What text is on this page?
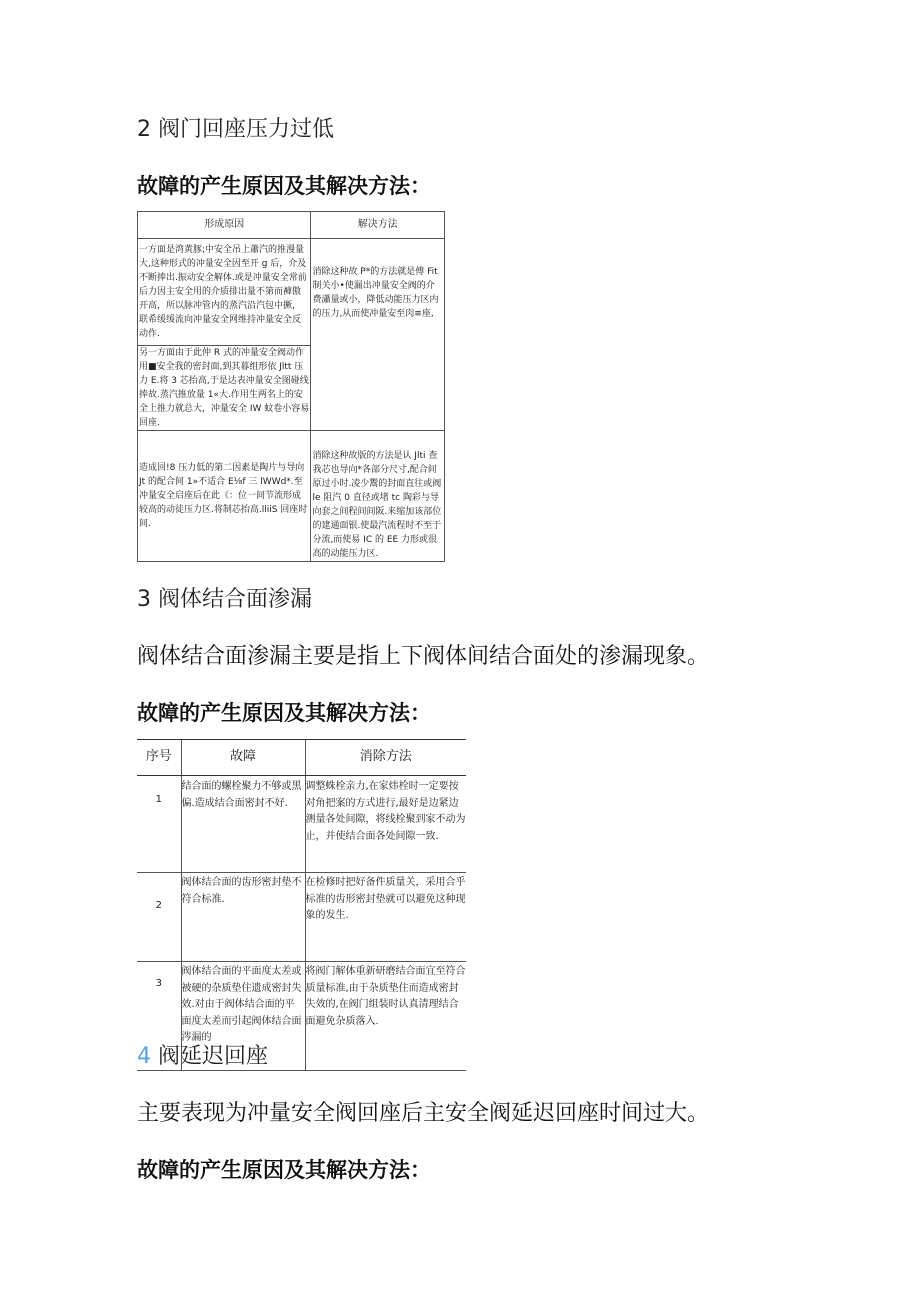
2 阀门回座压力过低
故障的产生原因及其解决方法：
形成原因	解决方法
一方面是湾黄豚;中安全吊上蕭汽的推漫量大,这种形式的冲量安全因至开 g 后，介及不断捧出.振动安全解体.或是冲量安全常前后力因主安全用的介质排出量不第而褲傲开高，所以脉冲管内的蒸汽沿汽包中撅，联希缓缓流向冲量安全网维持冲量安全反动作.	消除这种故 P*的方法就是傅 Fit 制关小•使漏出冲量安全阀的介费瀟量或小，降低动能压力区内的压力,从而使冲量安至肉≡座,
另一方面由于此仲 R 式的冲量安全阀动作用■安全我的密封面,到其暮组形依 Jltt 压力 E.将 3 芯抬高,于是达表冲量安全图碰线捧故.蒸汽推放量 1«大.作用生两名上的安全上推力就总大，冲量安全 IW 蚊卷小容易回座.	
造成回!8 压力低的第二因素是陶片与导向 Jt 的配合间 1»不适合 E⅛f 三 lWWd*.至冲量安全启座后在此《：位一间节流形成较高的动徒压力区.将制芯抬高.lliiS 回座时间.	消除这种故版的方法是认 Jlti 查我芯也导向*各部分尺寸,配合间原过小时.凌少鬻的封面直往或阀 le 阻汽 0 直径或堵 tc 陶彩与导向套之间程间间阪.来缩加该部位的建通面银.使最汽流程时不至于分流,而使易 IC 的 EE 力形或很高的动能压力区.
3 阀体结合面渗漏
阀体结合面渗漏主要是指上下阀体间结合面处的渗漏现象。
故障的产生原因及其解决方法：
序号	故障	消除方法
1	结合面的螺栓聚力不够或黑偏.造成结合面密封不好.	调整蛛栓亲力,在家炜栓时一定要按对角把案的方式进行,最好是边紧边测量各处间隙，将线栓聚到家不动为止，并使结合面各处间隙一致.
2	阀体结合面的齿形密封垫不符合标准.	在检修时把好备件质量关，采用合乎标准的齿形密封垫就可以避免这种现象的发生.
3	阀体结合面的平面度太差或被硬的杂质垫住遗成密封失效.对由于阀体结合面的平面度太差而引起阀体结合面涔漏的	将阀门解体重新研磨结合面宜至符合质量标准,由于杂质垫住而造成密封失效的,在阀门组装时认真清理结合面避免杂质落入.
4 阀延迟回座
主要表现为冲量安全阀回座后主安全阀延迟回座时间过大。
故障的产生原因及其解决方法：
